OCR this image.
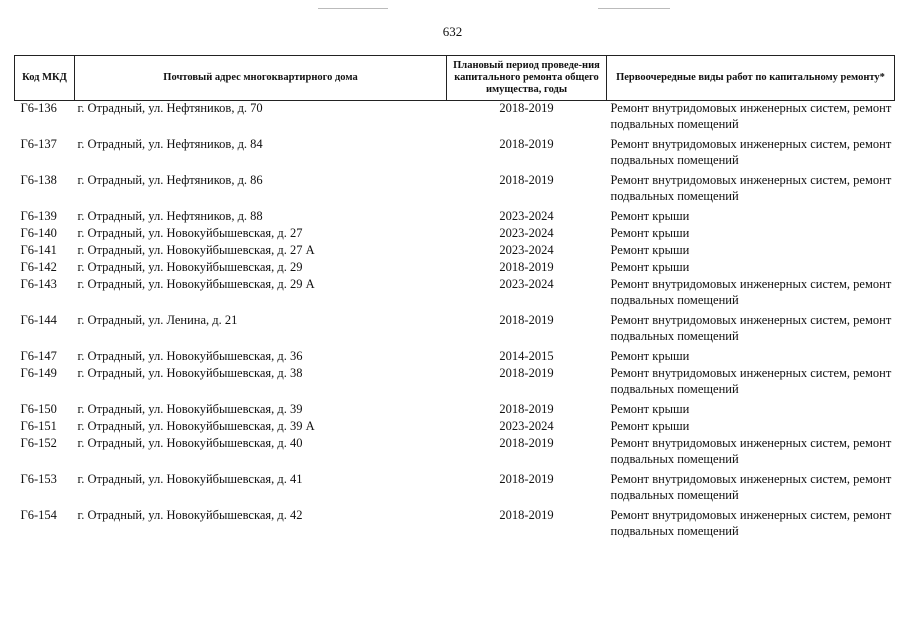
632
Код МКД	Почтовый адрес многоквартирного дома	Плановый период проведе-ния капитального ремонта общего имущества, годы	Первоочередные виды работ по капитальному ремонту*
Г6-136	г. Отрадный, ул. Нефтяников, д. 70	2018-2019	Ремонт внутридомовых инженерных систем, ремонт подвальных помещений
Г6-137	г. Отрадный, ул. Нефтяников, д. 84	2018-2019	Ремонт внутридомовых инженерных систем, ремонт подвальных помещений
Г6-138	г. Отрадный, ул. Нефтяников, д. 86	2018-2019	Ремонт внутридомовых инженерных систем, ремонт подвальных помещений
Г6-139	г. Отрадный, ул. Нефтяников, д. 88	2023-2024	Ремонт крыши
Г6-140	г. Отрадный, ул. Новокуйбышевская, д. 27	2023-2024	Ремонт крыши
Г6-141	г. Отрадный, ул. Новокуйбышевская, д. 27 А	2023-2024	Ремонт крыши
Г6-142	г. Отрадный, ул. Новокуйбышевская, д. 29	2018-2019	Ремонт крыши
Г6-143	г. Отрадный, ул. Новокуйбышевская, д. 29 А	2023-2024	Ремонт внутридомовых инженерных систем, ремонт подвальных помещений
Г6-144	г. Отрадный, ул. Ленина, д. 21	2018-2019	Ремонт внутридомовых инженерных систем, ремонт подвальных помещений
Г6-147	г. Отрадный, ул. Новокуйбышевская, д. 36	2014-2015	Ремонт крыши
Г6-149	г. Отрадный, ул. Новокуйбышевская, д. 38	2018-2019	Ремонт внутридомовых инженерных систем, ремонт подвальных помещений
Г6-150	г. Отрадный, ул. Новокуйбышевская, д. 39	2018-2019	Ремонт крыши
Г6-151	г. Отрадный, ул. Новокуйбышевская, д. 39 А	2023-2024	Ремонт крыши
Г6-152	г. Отрадный, ул. Новокуйбышевская, д. 40	2018-2019	Ремонт внутридомовых инженерных систем, ремонт подвальных помещений
Г6-153	г. Отрадный, ул. Новокуйбышевская, д. 41	2018-2019	Ремонт внутридомовых инженерных систем, ремонт подвальных помещений
Г6-154	г. Отрадный, ул. Новокуйбышевская, д. 42	2018-2019	Ремонт внутридомовых инженерных систем, ремонт подвальных помещений
